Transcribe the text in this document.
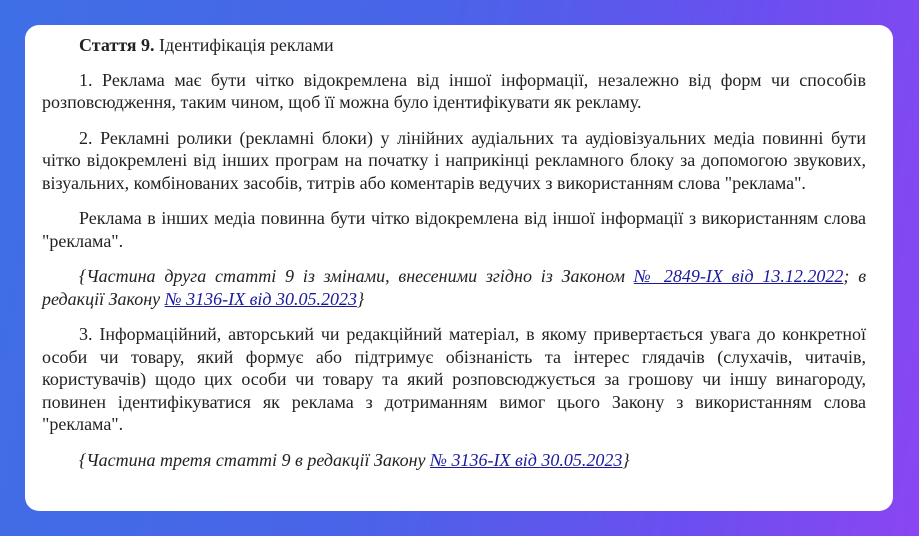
Стаття 9. Ідентифікація реклами

1. Реклама має бути чітко відокремлена від іншої інформації, незалежно від форм чи способів розповсюдження, таким чином, щоб її можна було ідентифікувати як рекламу.

2. Рекламні ролики (рекламні блоки) у лінійних аудіальних та аудіовізуальних медіа повинні бути чітко відокремлені від інших програм на початку і наприкінці рекламного блоку за допомогою звукових, візуальних, комбінованих засобів, титрів або коментарів ведучих з використанням слова "реклама".

Реклама в інших медіа повинна бути чітко відокремлена від іншої інформації з використанням слова "реклама".

{Частина друга статті 9 із змінами, внесеними згідно із Законом № 2849-IX від 13.12.2022; в редакції Закону № 3136-IX від 30.05.2023}

3. Інформаційний, авторський чи редакційний матеріал, в якому привертається увага до конкретної особи чи товару, який формує або підтримує обізнаність та інтерес глядачів (слухачів, читачів, користувачів) щодо цих особи чи товару та який розповсюджується за грошову чи іншу винагороду, повинен ідентифікуватися як реклама з дотриманням вимог цього Закону з використанням слова "реклама".

{Частина третя статті 9 в редакції Закону № 3136-IX від 30.05.2023}
